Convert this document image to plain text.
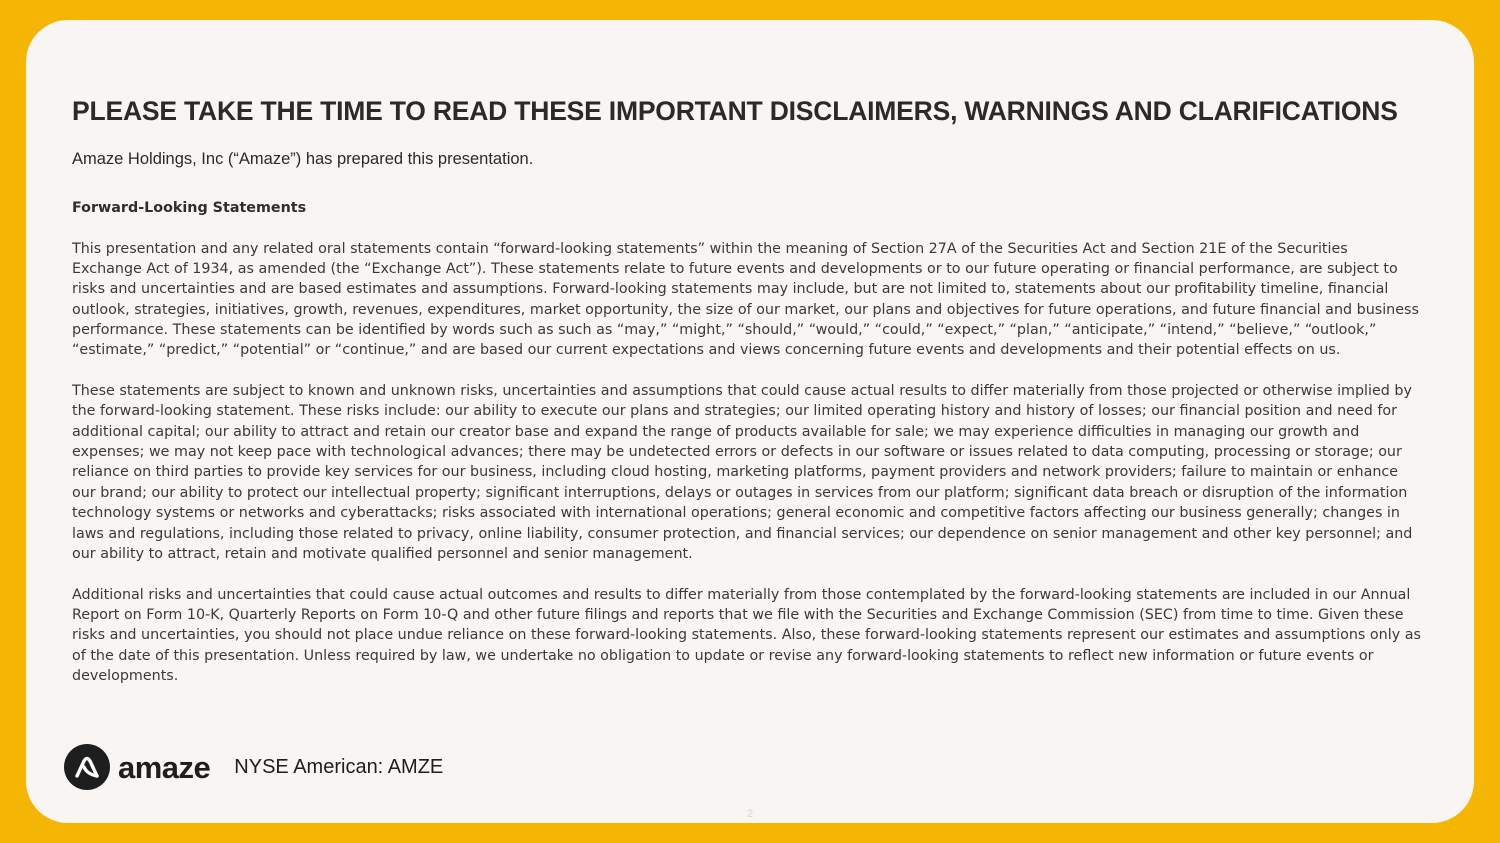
PLEASE TAKE THE TIME TO READ THESE IMPORTANT DISCLAIMERS, WARNINGS AND CLARIFICATIONS

Amaze Holdings, Inc (“Amaze”) has prepared this presentation.

Forward-Looking Statements

This presentation and any related oral statements contain “forward-looking statements” within the meaning of Section 27A of the Securities Act and Section 21E of the Securities Exchange Act of 1934, as amended (the “Exchange Act”). These statements relate to future events and developments or to our future operating or financial performance, are subject to risks and uncertainties and are based estimates and assumptions. Forward-looking statements may include, but are not limited to, statements about our profitability timeline, financial outlook, strategies, initiatives, growth, revenues, expenditures, market opportunity, the size of our market, our plans and objectives for future operations, and future financial and business performance. These statements can be identified by words such as such as “may,” “might,” “should,” “would,” “could,” “expect,” “plan,” “anticipate,” “intend,” “believe,” “outlook,” “estimate,” “predict,” “potential” or “continue,” and are based our current expectations and views concerning future events and developments and their potential effects on us.

These statements are subject to known and unknown risks, uncertainties and assumptions that could cause actual results to differ materially from those projected or otherwise implied by the forward-looking statement. These risks include: our ability to execute our plans and strategies; our limited operating history and history of losses; our financial position and need for additional capital; our ability to attract and retain our creator base and expand the range of products available for sale; we may experience difficulties in managing our growth and expenses; we may not keep pace with technological advances; there may be undetected errors or defects in our software or issues related to data computing, processing or storage; our reliance on third parties to provide key services for our business, including cloud hosting, marketing platforms, payment providers and network providers; failure to maintain or enhance our brand; our ability to protect our intellectual property; significant interruptions, delays or outages in services from our platform; significant data breach or disruption of the information technology systems or networks and cyberattacks; risks associated with international operations; general economic and competitive factors affecting our business generally; changes in laws and regulations, including those related to privacy, online liability, consumer protection, and financial services; our dependence on senior management and other key personnel; and our ability to attract, retain and motivate qualified personnel and senior management.

Additional risks and uncertainties that could cause actual outcomes and results to differ materially from those contemplated by the forward-looking statements are included in our Annual Report on Form 10-K, Quarterly Reports on Form 10-Q and other future filings and reports that we file with the Securities and Exchange Commission (SEC) from time to time. Given these risks and uncertainties, you should not place undue reliance on these forward-looking statements. Also, these forward-looking statements represent our estimates and assumptions only as of the date of this presentation. Unless required by law, we undertake no obligation to update or revise any forward-looking statements to reflect new information or future events or developments.

amaze NYSE American: AMZE
2
